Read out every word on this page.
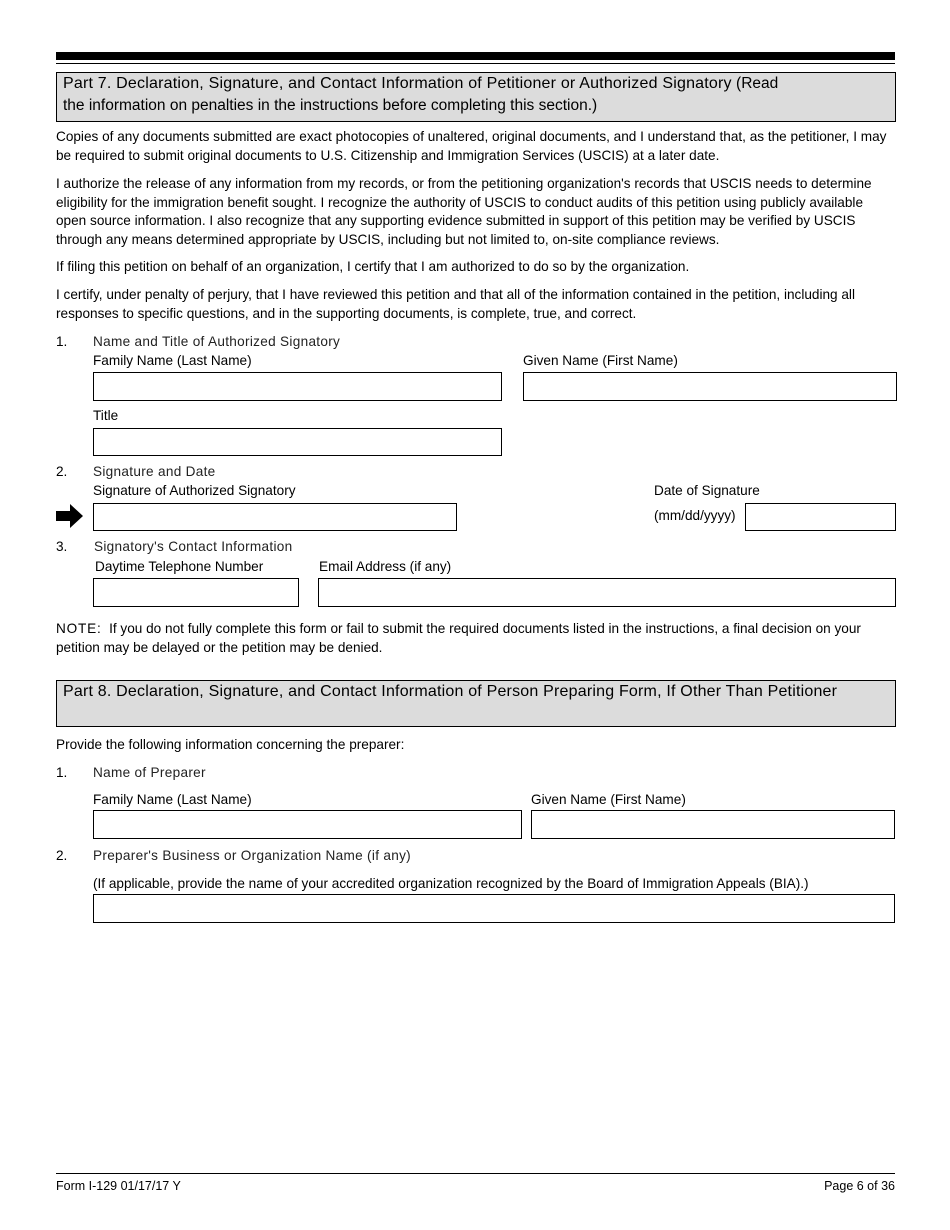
Part 7. Declaration, Signature, and Contact Information of Petitioner or Authorized Signatory (Read
the information on penalties in the instructions before completing this section.)
Copies of any documents submitted are exact photocopies of unaltered, original documents, and I understand that, as the petitioner, I may be required to submit original documents to U.S. Citizenship and Immigration Services (USCIS) at a later date.
I authorize the release of any information from my records, or from the petitioning organization's records that USCIS needs to determine eligibility for the immigration benefit sought. I recognize the authority of USCIS to conduct audits of this petition using publicly available open source information. I also recognize that any supporting evidence submitted in support of this petition may be verified by USCIS through any means determined appropriate by USCIS, including but not limited to, on-site compliance reviews.
If filing this petition on behalf of an organization, I certify that I am authorized to do so by the organization.
I certify, under penalty of perjury, that I have reviewed this petition and that all of the information contained in the petition, including all responses to specific questions, and in the supporting documents, is complete, true, and correct.
1. Name and Title of Authorized Signatory
Family Name (Last Name)	Given Name (First Name)
Title
2. Signature and Date
Signature of Authorized Signatory	Date of Signature
(mm/dd/yyyy)
3. Signatory's Contact Information
Daytime Telephone Number	Email Address (if any)
NOTE:  If you do not fully complete this form or fail to submit the required documents listed in the instructions, a final decision on your petition may be delayed or the petition may be denied.
Part 8. Declaration, Signature, and Contact Information of Person Preparing Form, If Other Than Petitioner
Provide the following information concerning the preparer:
1. Name of Preparer
Family Name (Last Name)	Given Name (First Name)
2. Preparer's Business or Organization Name (if any)
(If applicable, provide the name of your accredited organization recognized by the Board of Immigration Appeals (BIA).)
Form I-129 01/17/17 Y	Page 6 of 36
